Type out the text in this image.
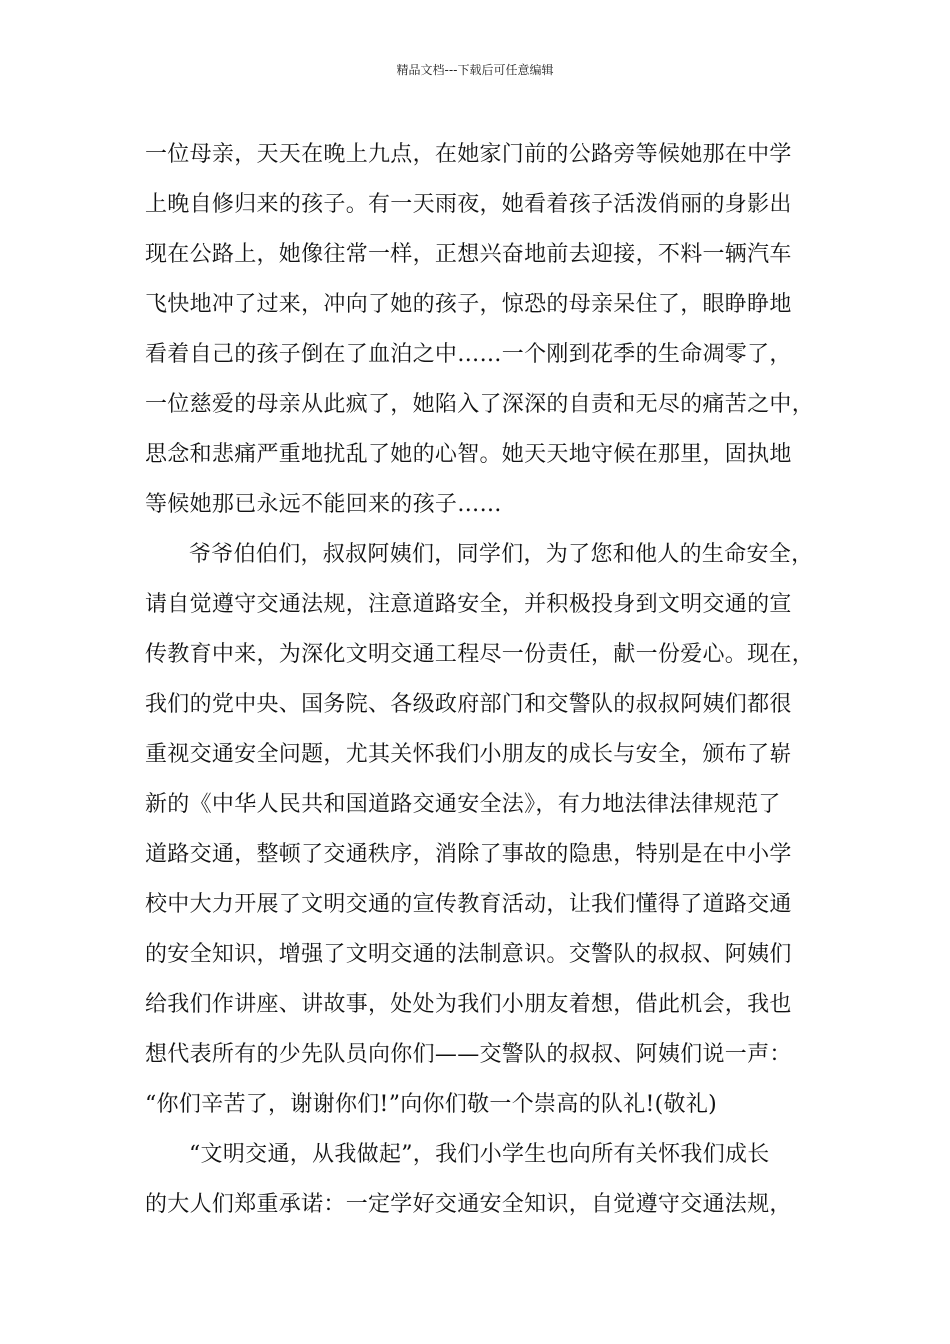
精品文档---下载后可任意编辑
一位母亲，天天在晚上九点，在她家门前的公路旁等候她那在中学
上晚自修归来的孩子。有一天雨夜，她看着孩子活泼俏丽的身影出
现在公路上，她像往常一样，正想兴奋地前去迎接，不料一辆汽车
飞快地冲了过来，冲向了她的孩子，惊恐的母亲呆住了，眼睁睁地
看着自己的孩子倒在了血泊之中……一个刚到花季的生命凋零了，
一位慈爱的母亲从此疯了，她陷入了深深的自责和无尽的痛苦之中，
思念和悲痛严重地扰乱了她的心智。她天天地守候在那里，固执地
等候她那已永远不能回来的孩子……
爷爷伯伯们，叔叔阿姨们，同学们，为了您和他人的生命安全，
请自觉遵守交通法规，注意道路安全，并积极投身到文明交通的宣
传教育中来，为深化文明交通工程尽一份责任，献一份爱心。现在，
我们的党中央、国务院、各级政府部门和交警队的叔叔阿姨们都很
重视交通安全问题，尤其关怀我们小朋友的成长与安全，颁布了崭
新的《中华人民共和国道路交通安全法》，有力地法律法律规范了
道路交通，整顿了交通秩序，消除了事故的隐患，特别是在中小学
校中大力开展了文明交通的宣传教育活动，让我们懂得了道路交通
的安全知识，增强了文明交通的法制意识。交警队的叔叔、阿姨们
给我们作讲座、讲故事，处处为我们小朋友着想，借此机会，我也
想代表所有的少先队员向你们——交警队的叔叔、阿姨们说一声：
“你们辛苦了，谢谢你们!”向你们敬一个崇高的队礼!(敬礼)
“文明交通，从我做起”，我们小学生也向所有关怀我们成长
的大人们郑重承诺：一定学好交通安全知识，自觉遵守交通法规，
